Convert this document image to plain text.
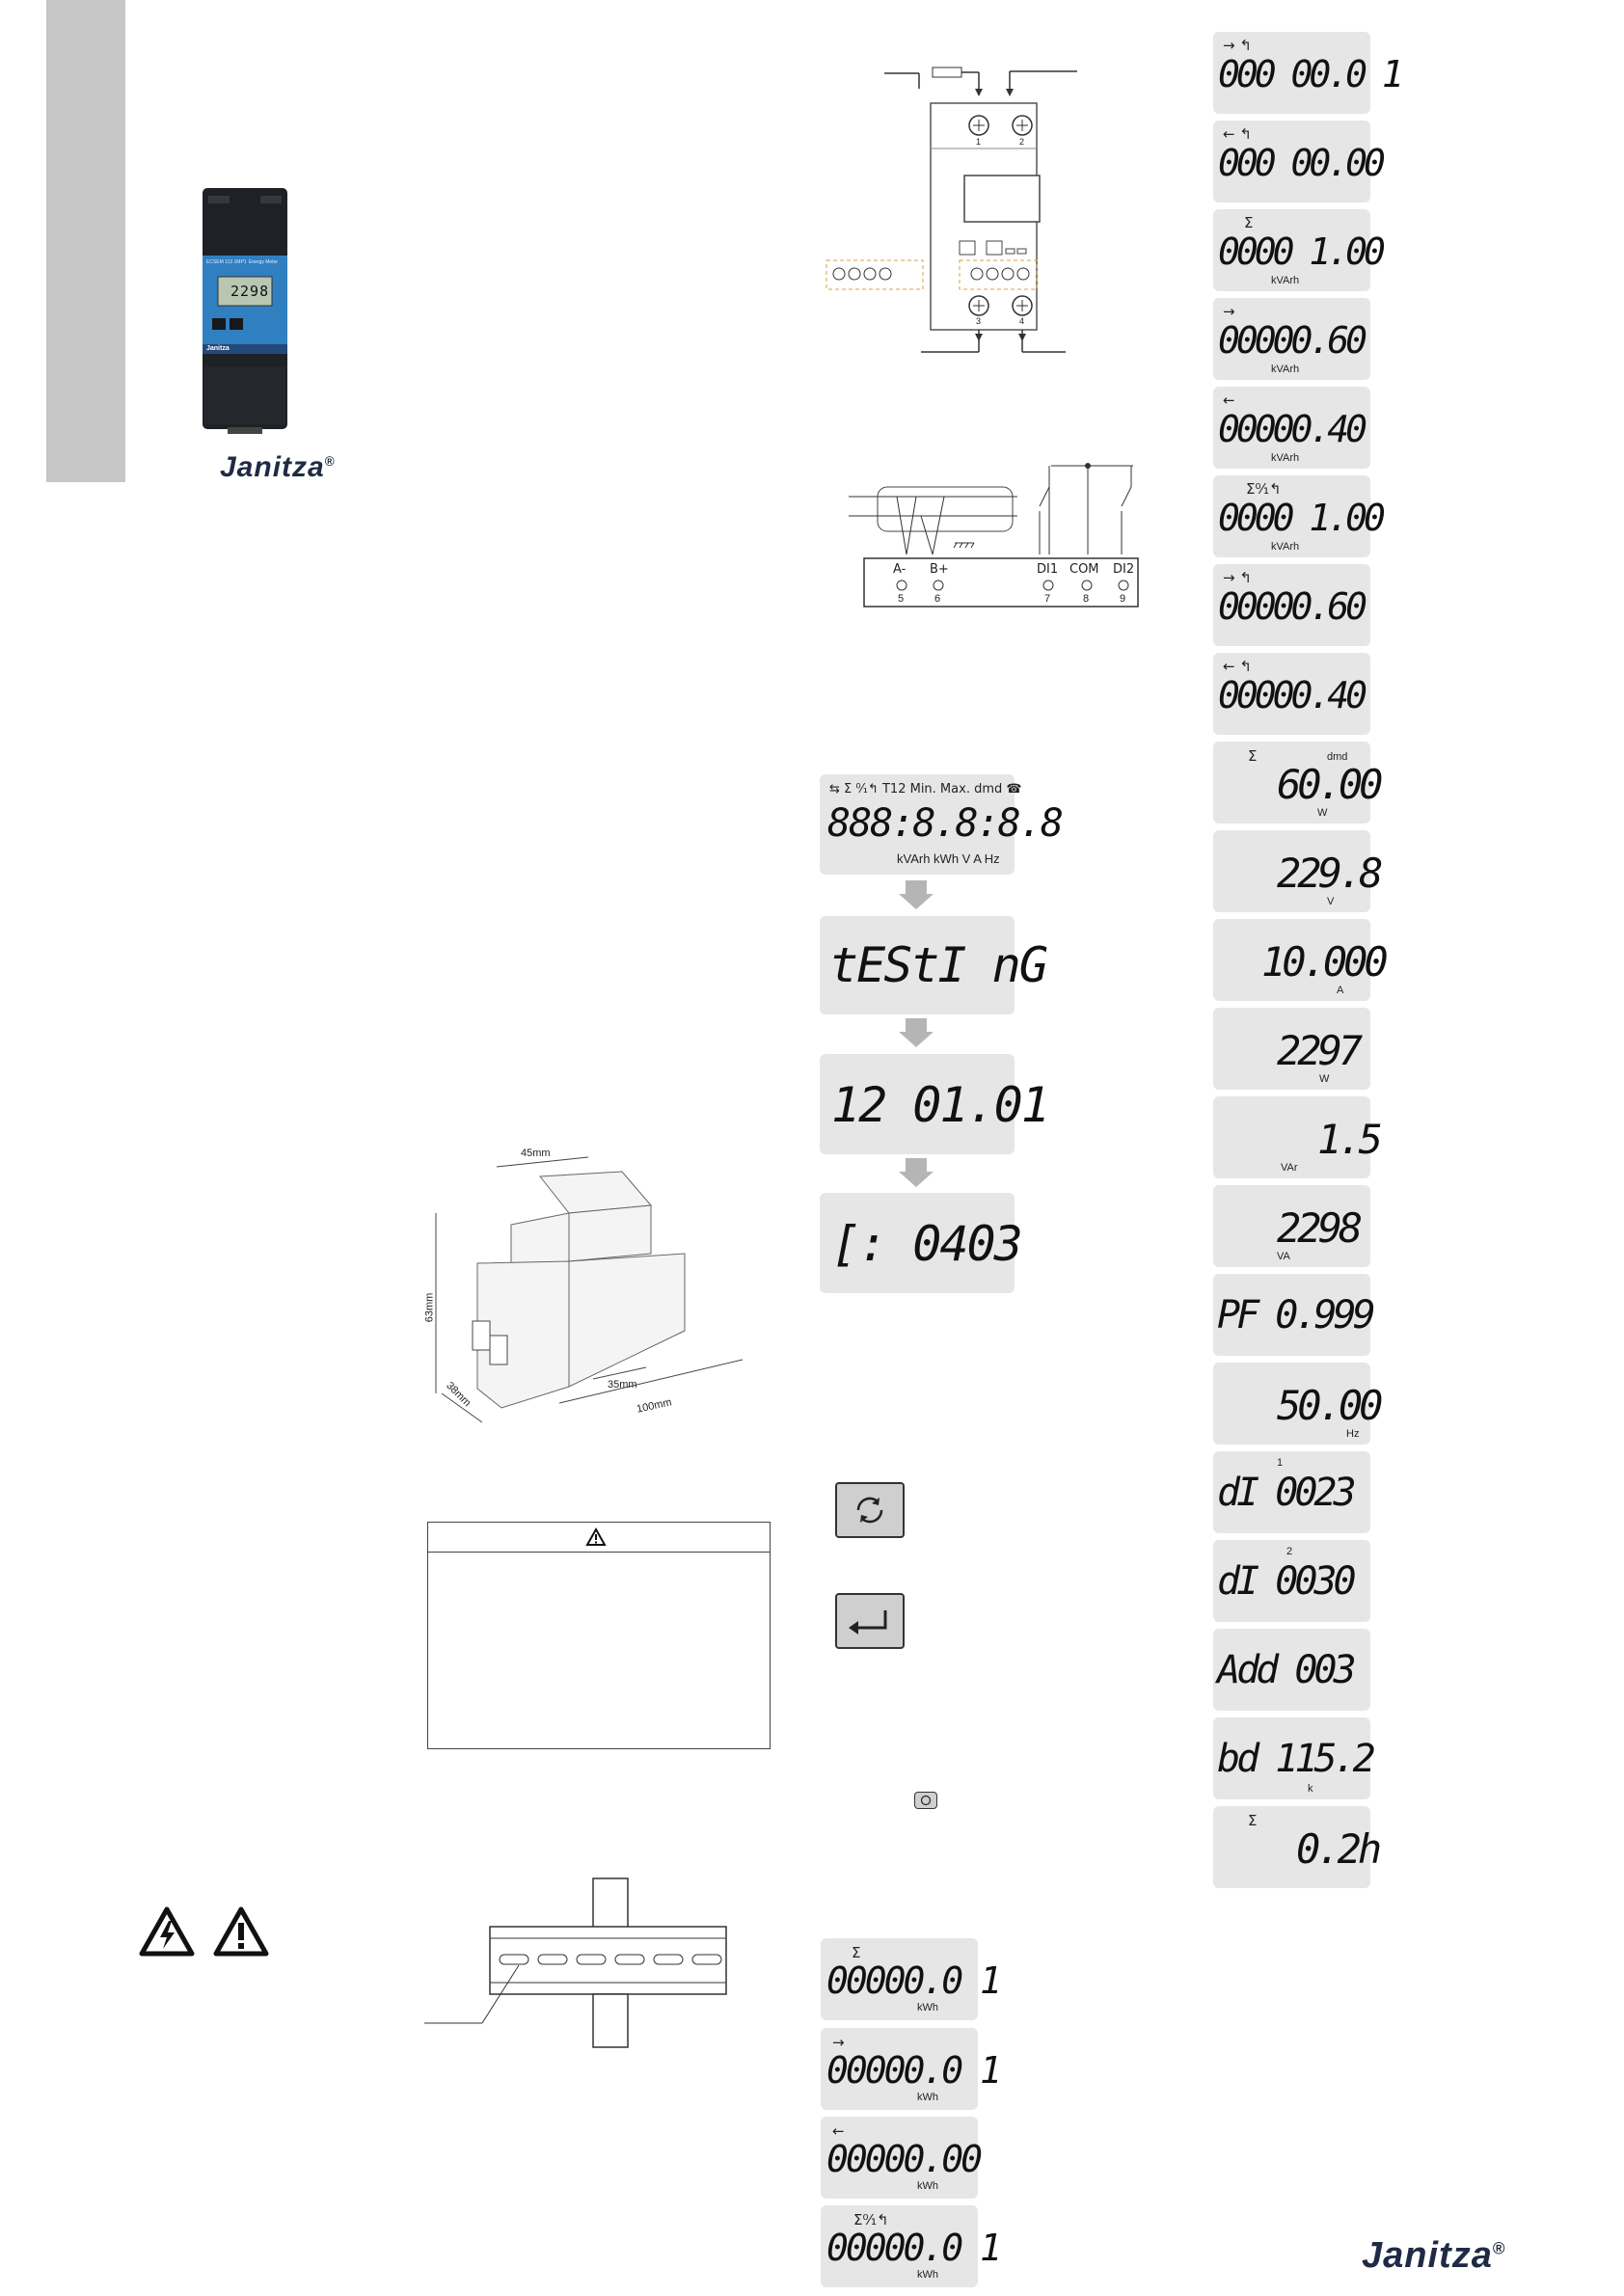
2298
ECSEM 113 1MP1 Energy Meter
Janitza
Janitza®
1	2
3	4
A- B+	DI1 COM DI2
5	6	7	8	9
45mm
63mm
38mm	35mm
100mm
⇆ Σ ⁰⁄₁↰ T12 Min. Max. dmd ☎
888:8.8:8.8
kVArh kWh V A Hz
tEStI nG
12 01.01
[: 0403
Σ
00000.0 1
kWh
→
00000.0 1
kWh
←
00000.00
kWh
Σ⁰⁄₁↰
00000.0 1
kWh
→ ↰
000 00.0 1
← ↰
000 00.00
Σ
0000 1.00
kVArh
→
00000.60
kVArh
←
00000.40
kVArh
Σ⁰⁄₁↰
0000 1.00
kVArh
→ ↰
00000.60
← ↰
00000.40
Σ	dmd
60.00
W
229.8
V
10.000
A
2297
W
1.5
VAr
2298
VA
PF 0.999
50.00
Hz
1
dI 0023
2
dI 0030
Add 003
bd 115.2
k
Σ
0.2h
Janitza®
